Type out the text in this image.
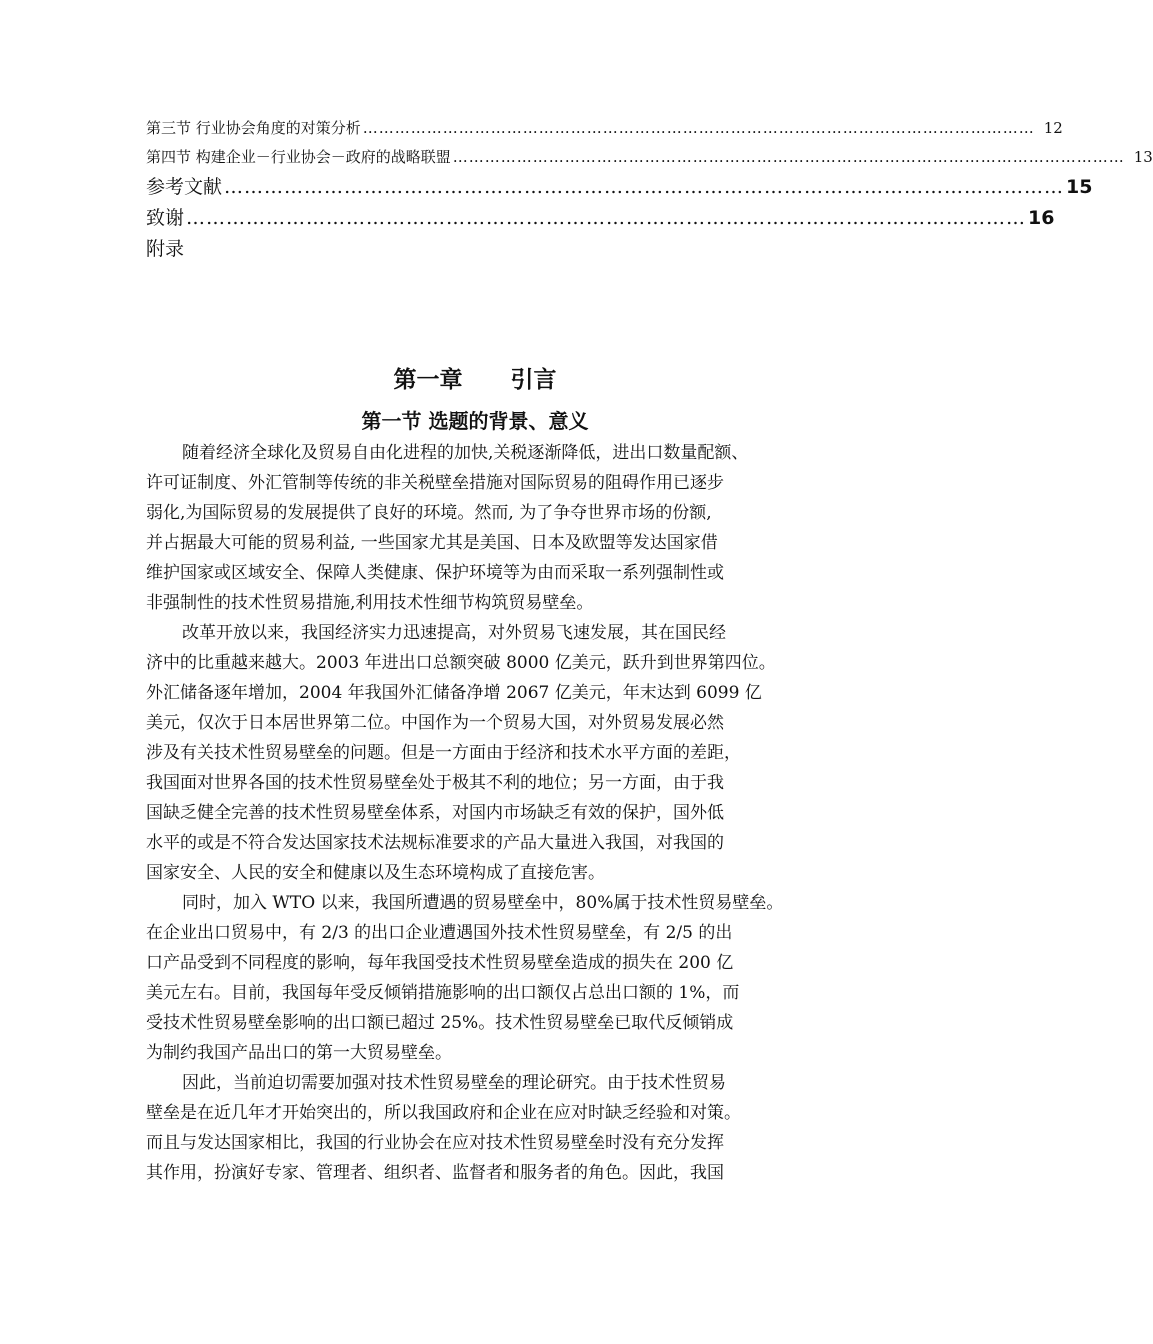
第三节 行业协会角度的对策分析 ……………………………………………………………………………………………………………… 12
第四节 构建企业－行业协会－政府的战略联盟 ……………………………………………………………………………………………………………… 13
参考文献 ……………………………………………………………………………………………………………… 15
致谢 ……………………………………………………………………………………………………………… 16
附录
第一章      引言
第一节 选题的背景、意义
随着经济全球化及贸易自由化进程的加快,关税逐渐降低，进出口数量配额、
许可证制度、外汇管制等传统的非关税壁垒措施对国际贸易的阻碍作用已逐步
弱化,为国际贸易的发展提供了良好的环境。然而, 为了争夺世界市场的份额,
并占据最大可能的贸易利益, 一些国家尤其是美国、日本及欧盟等发达国家借
维护国家或区域安全、保障人类健康、保护环境等为由而采取一系列强制性或
非强制性的技术性贸易措施,利用技术性细节构筑贸易壁垒。
改革开放以来，我国经济实力迅速提高，对外贸易飞速发展，其在国民经
济中的比重越来越大。2003 年进出口总额突破 8000 亿美元，跃升到世界第四位。
外汇储备逐年增加，2004 年我国外汇储备净增 2067 亿美元，年末达到 6099 亿
美元，仅次于日本居世界第二位。中国作为一个贸易大国，对外贸易发展必然
涉及有关技术性贸易壁垒的问题。但是一方面由于经济和技术水平方面的差距，
我国面对世界各国的技术性贸易壁垒处于极其不利的地位；另一方面，由于我
国缺乏健全完善的技术性贸易壁垒体系，对国内市场缺乏有效的保护，国外低
水平的或是不符合发达国家技术法规标准要求的产品大量进入我国，对我国的
国家安全、人民的安全和健康以及生态环境构成了直接危害。
同时，加入 WTO 以来，我国所遭遇的贸易壁垒中，80%属于技术性贸易壁垒。
在企业出口贸易中，有 2/3 的出口企业遭遇国外技术性贸易壁垒，有 2/5 的出
口产品受到不同程度的影响，每年我国受技术性贸易壁垒造成的损失在 200 亿
美元左右。目前，我国每年受反倾销措施影响的出口额仅占总出口额的 1%，而
受技术性贸易壁垒影响的出口额已超过 25%。技术性贸易壁垒已取代反倾销成
为制约我国产品出口的第一大贸易壁垒。
因此，当前迫切需要加强对技术性贸易壁垒的理论研究。由于技术性贸易
壁垒是在近几年才开始突出的，所以我国政府和企业在应对时缺乏经验和对策。
而且与发达国家相比，我国的行业协会在应对技术性贸易壁垒时没有充分发挥
其作用，扮演好专家、管理者、组织者、监督者和服务者的角色。因此，我国
